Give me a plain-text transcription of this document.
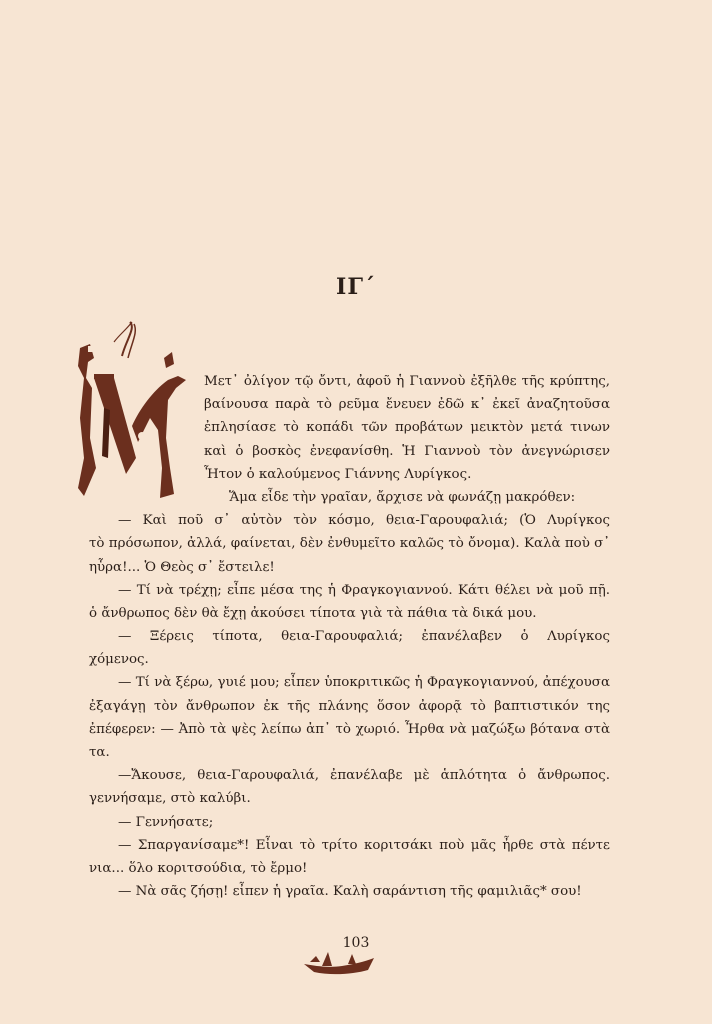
ΙΓ΄
Μετ᾽ ὀλίγον τῷ ὄντι, ἀφοῦ ἡ Γιαννοὺ ἐξῆλθε τῆς κρύπτης,
βαίνουσα παρὰ τὸ ρεῦμα ἔνευεν ἐδῶ κ᾽ ἐκεῖ ἀναζητοῦσα
ἐπλησίασε τὸ κοπάδι τῶν προβάτων μεικτὸν μετά τινων
καὶ ὁ βοσκὸς ἐνεφανίσθη. Ἡ Γιαννοὺ τὸν ἀνεγνώρισεν
Ἦτον ὁ καλούμενος Γιάννης Λυρίγκος.
Ἅμα εἶδε τὴν γραῖαν, ἄρχισε νὰ φωνάζῃ μακρόθεν:
— Καὶ ποῦ σ᾽ αὐτὸν τὸν κόσμο, θεια-Γαρουφαλιά; (Ὁ Λυρίγκος
τὸ πρόσωπον, ἀλλά, φαίνεται, δὲν ἐνθυμεῖτο καλῶς τὸ ὄνομα). Καλὰ ποὺ σ᾽
ηὗρα!... Ὁ Θεὸς σ᾽ ἔστειλε!
— Τί νὰ τρέχῃ; εἶπε μέσα της ἡ Φραγκογιαννού. Κάτι θέλει νὰ μοῦ πῇ.
ὁ ἄνθρωπος δὲν θὰ ἔχῃ ἀκούσει τίποτα γιὰ τὰ πάθια τὰ δικά μου.
— Ξέρεις τίποτα, θεια-Γαρουφαλιά; ἐπανέλαβεν ὁ Λυρίγκος
χόμενος.
— Τί νὰ ξέρω, γυιέ μου; εἶπεν ὑποκριτικῶς ἡ Φραγκογιαννού, ἀπέχουσα
ἐξαγάγῃ τὸν ἄνθρωπον ἐκ τῆς πλάνης ὅσον ἀφορᾷ τὸ βαπτιστικόν της
ἐπέφερεν: — Ἀπὸ τὰ ψὲς λείπω ἀπ᾽ τὸ χωριό. Ἦρθα νὰ μαζώξω βότανα στὰ
τα.
—Ἄκουσε, θεια-Γαρουφαλιά, ἐπανέλαβε μὲ ἁπλότητα ὁ ἄνθρωπος.
γεννήσαμε, στὸ καλύβι.
— Γεννήσατε;
— Σπαργανίσαμε*! Εἶναι τὸ τρίτο κοριτσάκι ποὺ μᾶς ἦρθε στὰ πέντε
νια... ὅλο κοριτσούδια, τὸ ἔρμο!
— Νὰ σᾶς ζήσῃ! εἶπεν ἡ γραῖα. Καλὴ σαράντιση τῆς φαμιλιᾶς* σου!
103
